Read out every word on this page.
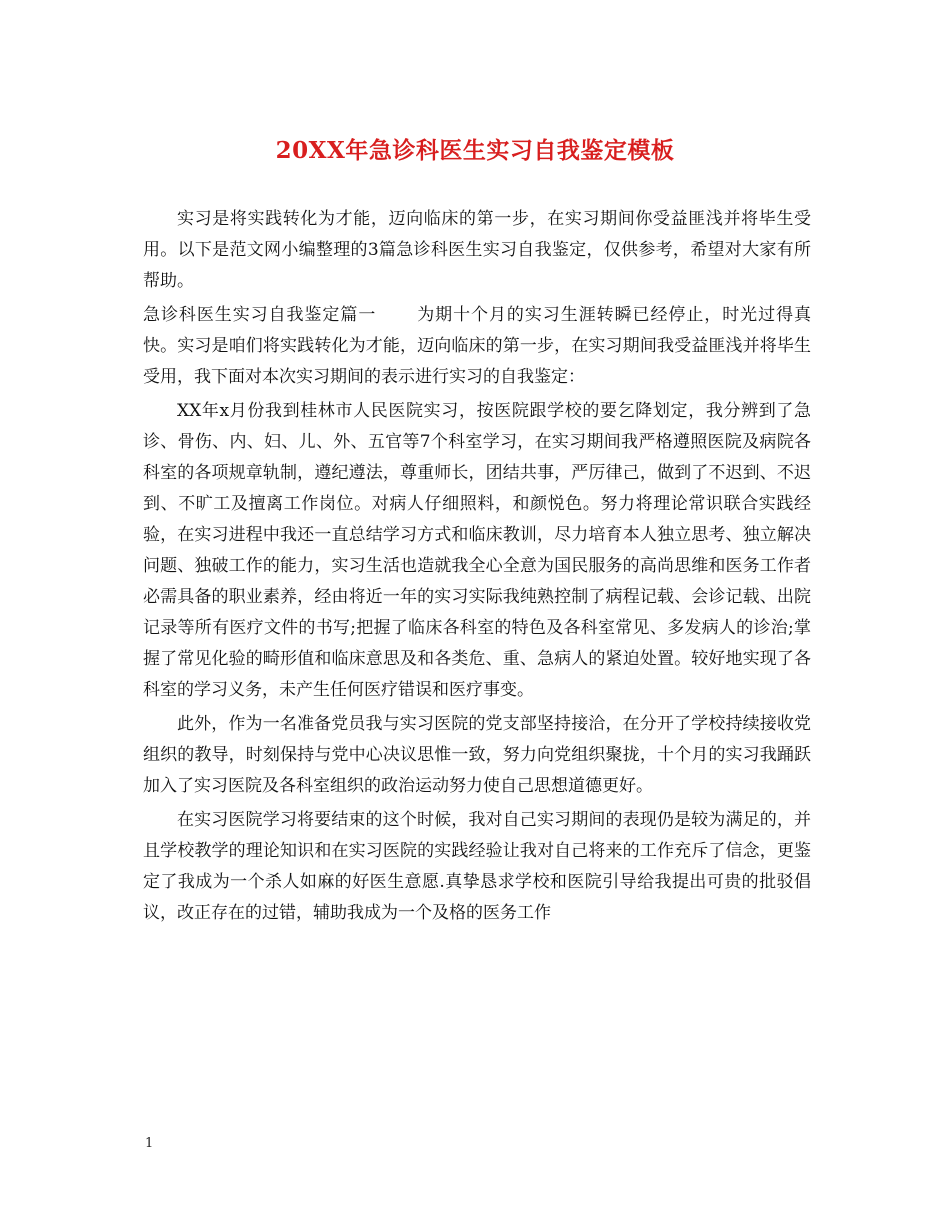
20XX年急诊科医生实习自我鉴定模板

实习是将实践转化为才能，迈向临床的第一步，在实习期间你受益匪浅并将毕生受用。以下是范文网小编整理的3篇急诊科医生实习自我鉴定，仅供参考，希望对大家有所帮助。

急诊科医生实习自我鉴定篇一 为期十个月的实习生涯转瞬已经停止，时光过得真快。实习是咱们将实践转化为才能，迈向临床的第一步，在实习期间我受益匪浅并将毕生受用，我下面对本次实习期间的表示进行实习的自我鉴定：

XX年x月份我到桂林市人民医院实习，按医院跟学校的要乞降划定，我分辨到了急诊、骨伤、内、妇、儿、外、五官等7个科室学习，在实习期间我严格遵照医院及病院各科室的各项规章轨制，遵纪遵法，尊重师长，团结共事，严厉律己，做到了不迟到、不迟到、不旷工及擅离工作岗位。对病人仔细照料，和颜悦色。努力将理论常识联合实践经验，在实习进程中我还一直总结学习方式和临床教训，尽力培育本人独立思考、独立解决问题、独破工作的能力，实习生活也造就我全心全意为国民服务的高尚思维和医务工作者必需具备的职业素养，经由将近一年的实习实际我纯熟控制了病程记载、会诊记载、出院记录等所有医疗文件的书写;把握了临床各科室的特色及各科室常见、多发病人的诊治;掌握了常见化验的畸形值和临床意思及和各类危、重、急病人的紧迫处置。较好地实现了各科室的学习义务，未产生任何医疗错误和医疗事变。

此外，作为一名准备党员我与实习医院的党支部坚持接洽，在分开了学校持续接收党组织的教导，时刻保持与党中心决议思惟一致，努力向党组织聚拢，十个月的实习我踊跃加入了实习医院及各科室组织的政治运动努力使自己思想道德更好。

在实习医院学习将要结束的这个时候，我对自己实习期间的表现仍是较为满足的，并且学校教学的理论知识和在实习医院的实践经验让我对自己将来的工作充斥了信念，更鉴定了我成为一个杀人如麻的好医生意愿.真挚恳求学校和医院引导给我提出可贵的批驳倡议，改正存在的过错，辅助我成为一个及格的医务工作

1
